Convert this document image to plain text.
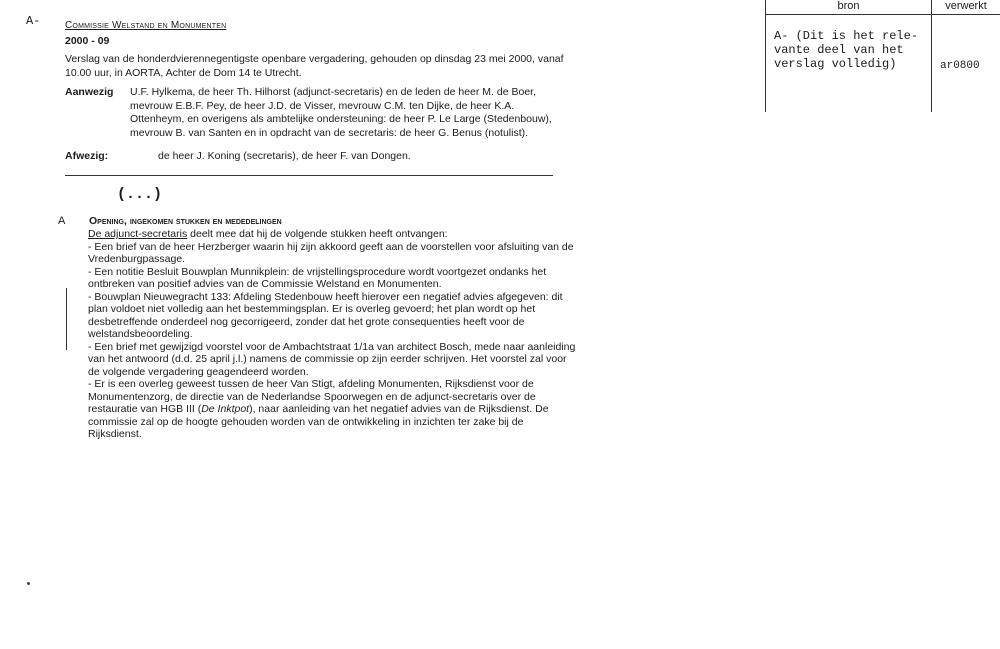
A- Commissie Welstand en Monumenten
2000 - 09
Verslag van de honderdvierennegentigste openbare vergadering, gehouden op dinsdag 23 mei 2000, vanaf 10.00 uur, in AORTA, Achter de Dom 14 te Utrecht.
Aanwezig U.F. Hylkema, de heer Th. Hilhorst (adjunct-secretaris) en de leden de heer M. de Boer, mevrouw E.B.F. Pey, de heer J.D. de Visser, mevrouw C.M. ten Dijke, de heer K.A. Ottenheym, en overigens als ambtelijke ondersteuning: de heer P. Le Large (Stedenbouw), mevrouw B. van Santen en in opdracht van de secretaris: de heer G. Benus (notulist).
Afwezig:	de heer J. Koning (secretaris), de heer F. van Dongen.
(...)
A Opening, ingekomen stukken en mededelingen

De adjunct-secretaris deelt mee dat hij de volgende stukken heeft ontvangen:

- Een brief van de heer Herzberger waarin hij zijn akkoord geeft aan de voorstellen voor afsluiting van de Vredenburgpassage.

- Een notitie Besluit Bouwplan Munnikplein: de vrijstellingsprocedure wordt voortgezet ondanks het ontbreken van positief advies van de Commissie Welstand en Monumenten.

- Bouwplan Nieuwegracht 133: Afdeling Stedenbouw heeft hierover een negatief advies afgegeven: dit plan voldoet niet volledig aan het bestemmingsplan. Er is overleg gevoerd; het plan wordt op het desbetreffende onderdeel nog gecorrigeerd, zonder dat het grote consequenties heeft voor de welstandsbeoordeling.

- Een brief met gewijzigd voorstel voor de Ambachtstraat 1/1a van architect Bosch, mede naar aanleiding van het antwoord (d.d. 25 april j.l.) namens de commissie op zijn eerder schrijven. Het voorstel zal voor de volgende vergadering geagendeerd worden.

- Er is een overleg geweest tussen de heer Van Stigt, afdeling Monumenten, Rijksdienst voor de Monumentenzorg, de directie van de Nederlandse Spoorwegen en de adjunct-secretaris over de restauratie van HGB III (De Inktpot), naar aanleiding van het negatief advies van de Rijksdienst. De commissie zal op de hoogte gehouden worden van de ontwikkeling in inzichten ter zake bij de Rijksdienst.

bron	verwerkt
A- (Dit is het rele-
vante deel van het
verslag volledig)	ar0800
